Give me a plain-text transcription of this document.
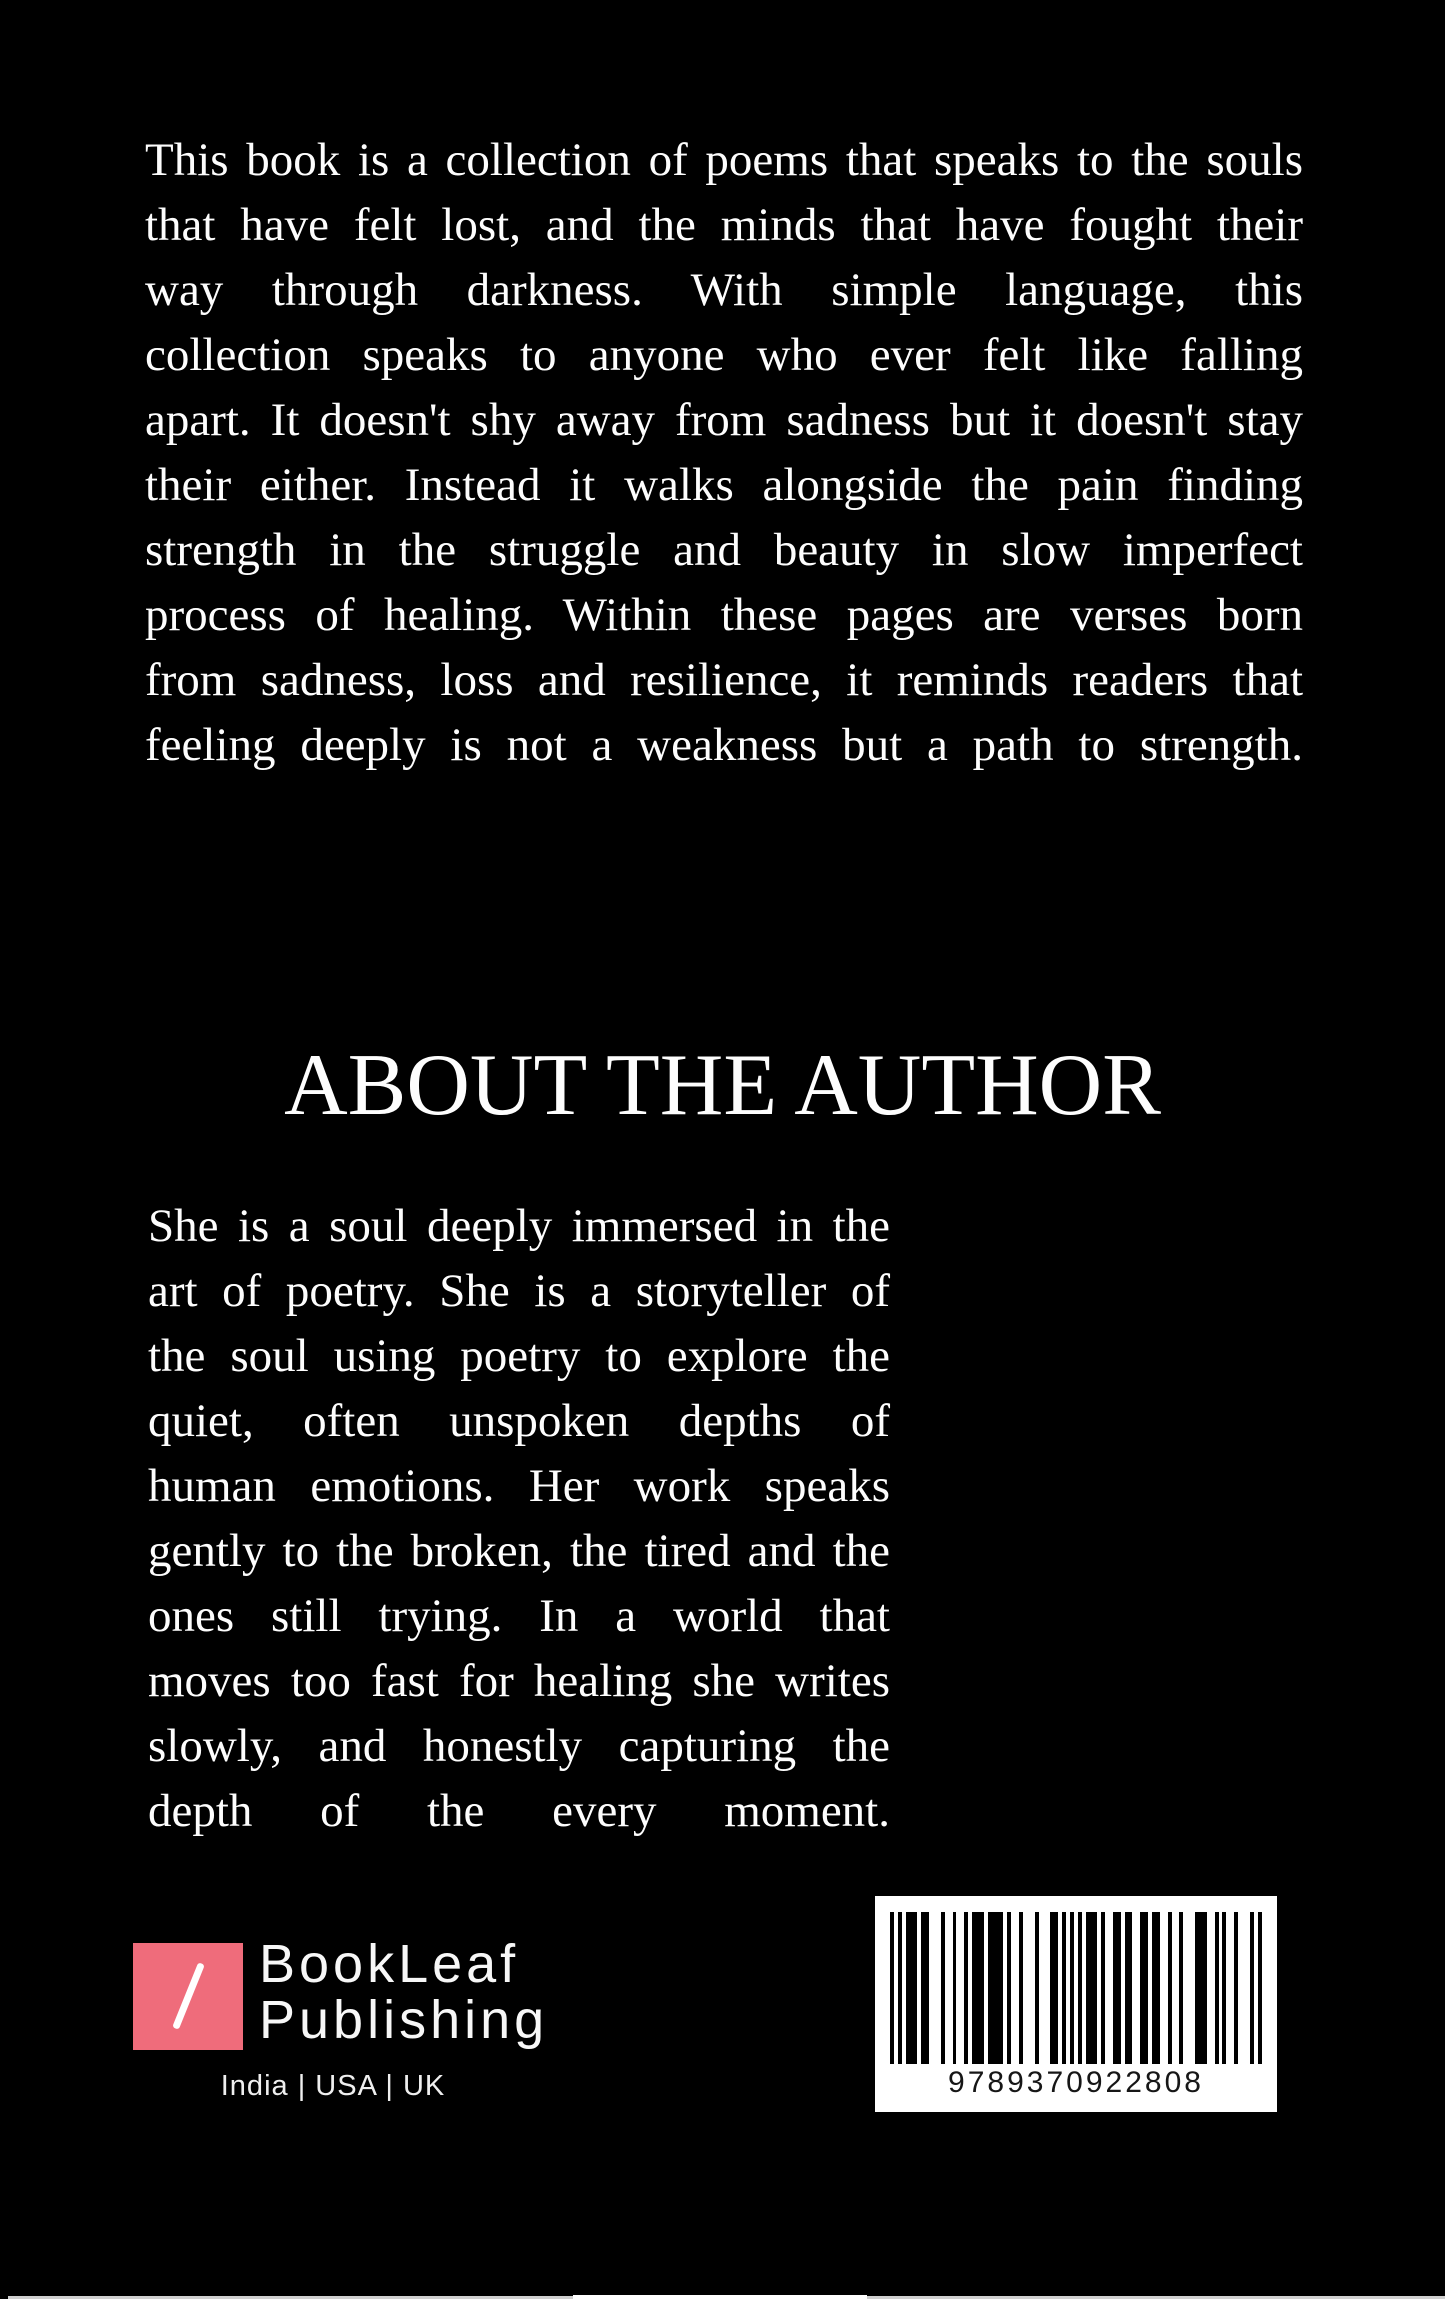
This book is a collection of poems that speaks to the souls
that have felt lost, and the minds that have fought their
way through darkness. With simple language, this
collection speaks to anyone who ever felt like falling
apart. It doesn't shy away from sadness but it doesn't stay
their either. Instead it walks alongside the pain finding
strength in the struggle and beauty in slow imperfect
process of healing. Within these pages are verses born
from sadness, loss and resilience, it reminds readers that
feeling deeply is not a weakness but a path to strength.
ABOUT THE AUTHOR
She is a soul deeply immersed in the
art of poetry. She is a storyteller of
the soul using poetry to explore the
quiet, often unspoken depths of
human emotions. Her work speaks
gently to the broken, the tired and the
ones still trying. In a world that
moves too fast for healing she writes
slowly, and honestly capturing the
depth of the every moment.
BookLeaf
Publishing
India | USA | UK	9789370922808
